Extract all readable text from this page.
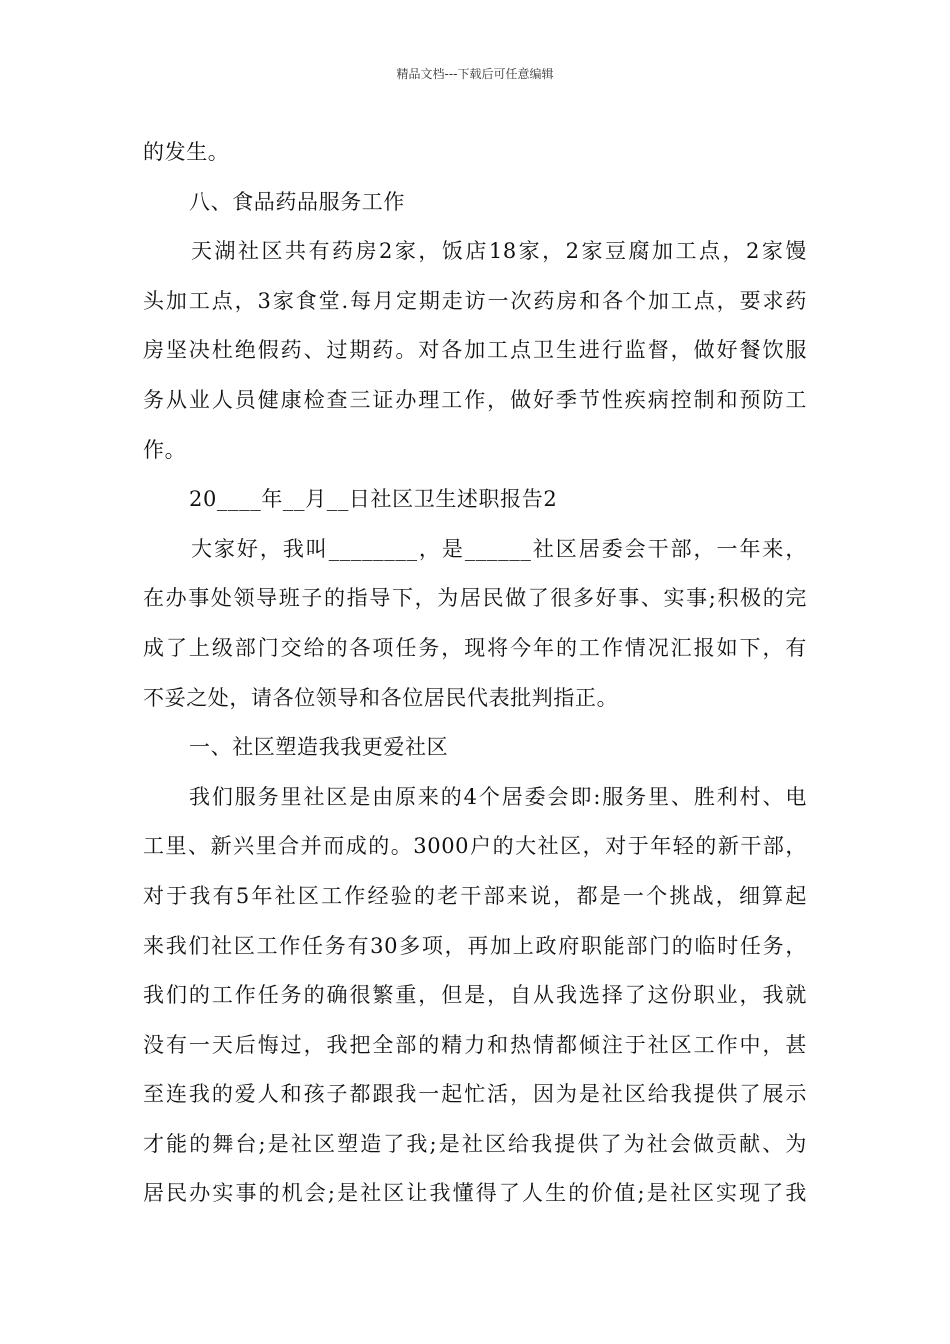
精品文档---下载后可任意编辑
的发生。
八、食品药品服务工作
天湖社区共有药房2家，饭店18家，2家豆腐加工点，2家馒
头加工点，3家食堂.每月定期走访一次药房和各个加工点，要求药
房坚决杜绝假药、过期药。对各加工点卫生进行监督，做好餐饮服
务从业人员健康检查三证办理工作，做好季节性疾病控制和预防工
作。
20____年__月__日社区卫生述职报告2
大家好，我叫________，是______社区居委会干部，一年来，
在办事处领导班子的指导下，为居民做了很多好事、实事;积极的完
成了上级部门交给的各项任务，现将今年的工作情况汇报如下，有
不妥之处，请各位领导和各位居民代表批判指正。
一、社区塑造我我更爱社区
我们服务里社区是由原来的4个居委会即:服务里、胜利村、电
工里、新兴里合并而成的。3000户的大社区，对于年轻的新干部，
对于我有5年社区工作经验的老干部来说，都是一个挑战，细算起
来我们社区工作任务有30多项，再加上政府职能部门的临时任务，
我们的工作任务的确很繁重，但是，自从我选择了这份职业，我就
没有一天后悔过，我把全部的精力和热情都倾注于社区工作中，甚
至连我的爱人和孩子都跟我一起忙活，因为是社区给我提供了展示
才能的舞台;是社区塑造了我;是社区给我提供了为社会做贡献、为
居民办实事的机会;是社区让我懂得了人生的价值;是社区实现了我
